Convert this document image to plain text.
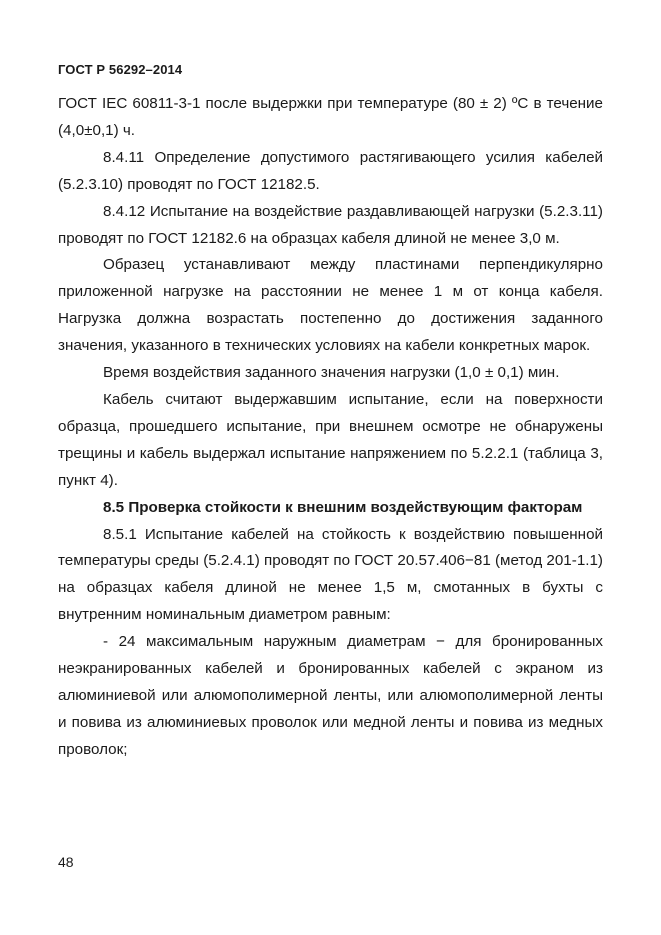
ГОСТ Р 56292–2014

ГОСТ IEC 60811-3-1 после выдержки при температуре (80 ± 2) ºС в течение (4,0±0,1) ч.

8.4.11 Определение допустимого растягивающего усилия кабелей (5.2.3.10) проводят по ГОСТ 12182.5.

8.4.12 Испытание на воздействие раздавливающей нагрузки (5.2.3.11) проводят по ГОСТ 12182.6 на образцах кабеля длиной не менее 3,0 м.

Образец устанавливают между пластинами перпендикулярно приложенной нагрузке на расстоянии не менее 1 м от конца кабеля. Нагрузка должна возрастать постепенно до достижения заданного значения, указанного в технических условиях на кабели конкретных марок.

Время воздействия заданного значения нагрузки (1,0 ± 0,1) мин.

Кабель считают выдержавшим испытание, если на поверхности образца, прошедшего испытание, при внешнем осмотре не обнаружены трещины и кабель выдержал испытание напряжением по 5.2.2.1 (таблица 3, пункт 4).

8.5 Проверка стойкости к внешним воздействующим факторам

8.5.1 Испытание кабелей на стойкость к воздействию повышенной температуры среды (5.2.4.1) проводят по ГОСТ 20.57.406−81 (метод 201-1.1) на образцах кабеля длиной не менее 1,5 м, смотанных в бухты с внутренним номинальным диаметром равным:

- 24 максимальным наружным диаметрам − для бронированных неэкранированных кабелей и бронированных кабелей с экраном из алюминиевой или алюмополимерной ленты, или алюмополимерной ленты и повива из алюминиевых проволок или медной ленты и повива из медных проволок;

48
